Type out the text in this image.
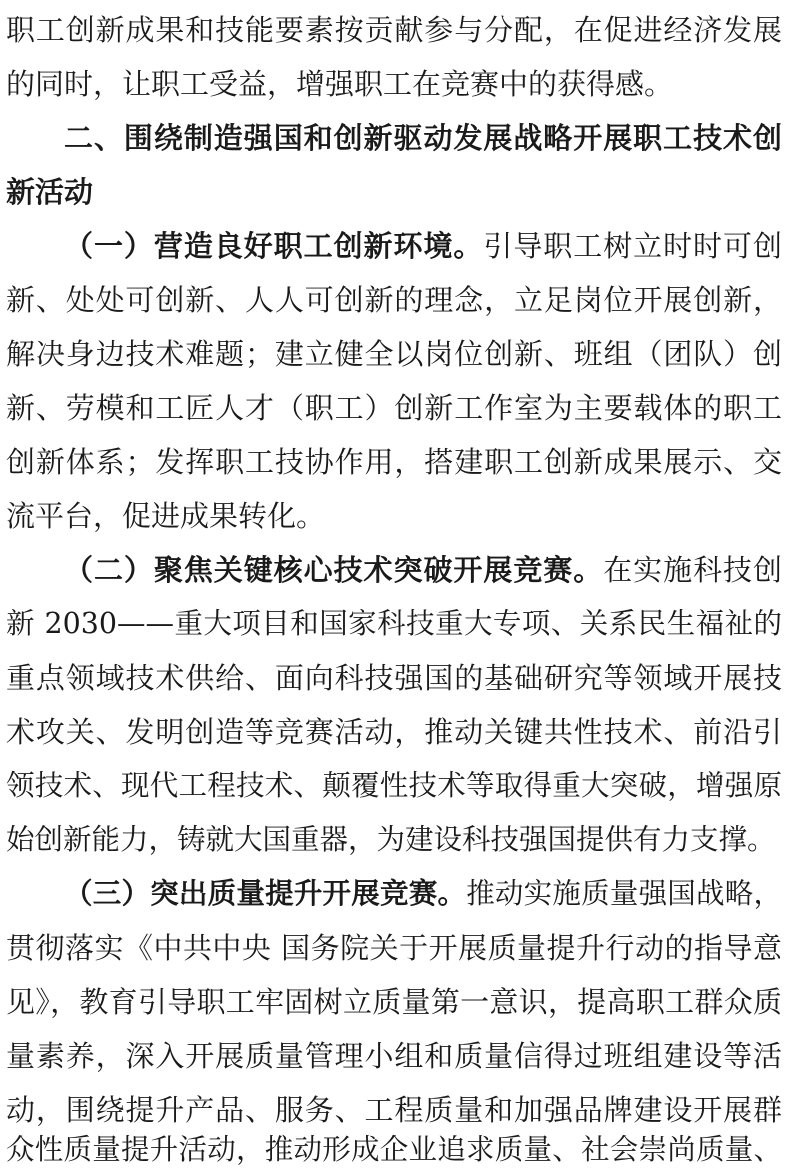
职工创新成果和技能要素按贡献参与分配，在促进经济发展
的同时，让职工受益，增强职工在竞赛中的获得感。
二、围绕制造强国和创新驱动发展战略开展职工技术创
新活动
（一）营造良好职工创新环境。引导职工树立时时可创
新、处处可创新、人人可创新的理念，立足岗位开展创新，
解决身边技术难题；建立健全以岗位创新、班组（团队）创
新、劳模和工匠人才（职工）创新工作室为主要载体的职工
创新体系；发挥职工技协作用，搭建职工创新成果展示、交
流平台，促进成果转化。
（二）聚焦关键核心技术突破开展竞赛。在实施科技创
新 2030——重大项目和国家科技重大专项、关系民生福祉的
重点领域技术供给、面向科技强国的基础研究等领域开展技
术攻关、发明创造等竞赛活动，推动关键共性技术、前沿引
领技术、现代工程技术、颠覆性技术等取得重大突破，增强原
始创新能力，铸就大国重器，为建设科技强国提供有力支撑。
（三）突出质量提升开展竞赛。推动实施质量强国战略，
贯彻落实《中共中央 国务院关于开展质量提升行动的指导意
见》，教育引导职工牢固树立质量第一意识，提高职工群众质
量素养，深入开展质量管理小组和质量信得过班组建设等活
动，围绕提升产品、服务、工程质量和加强品牌建设开展群
众性质量提升活动，推动形成企业追求质量、社会崇尚质量、
